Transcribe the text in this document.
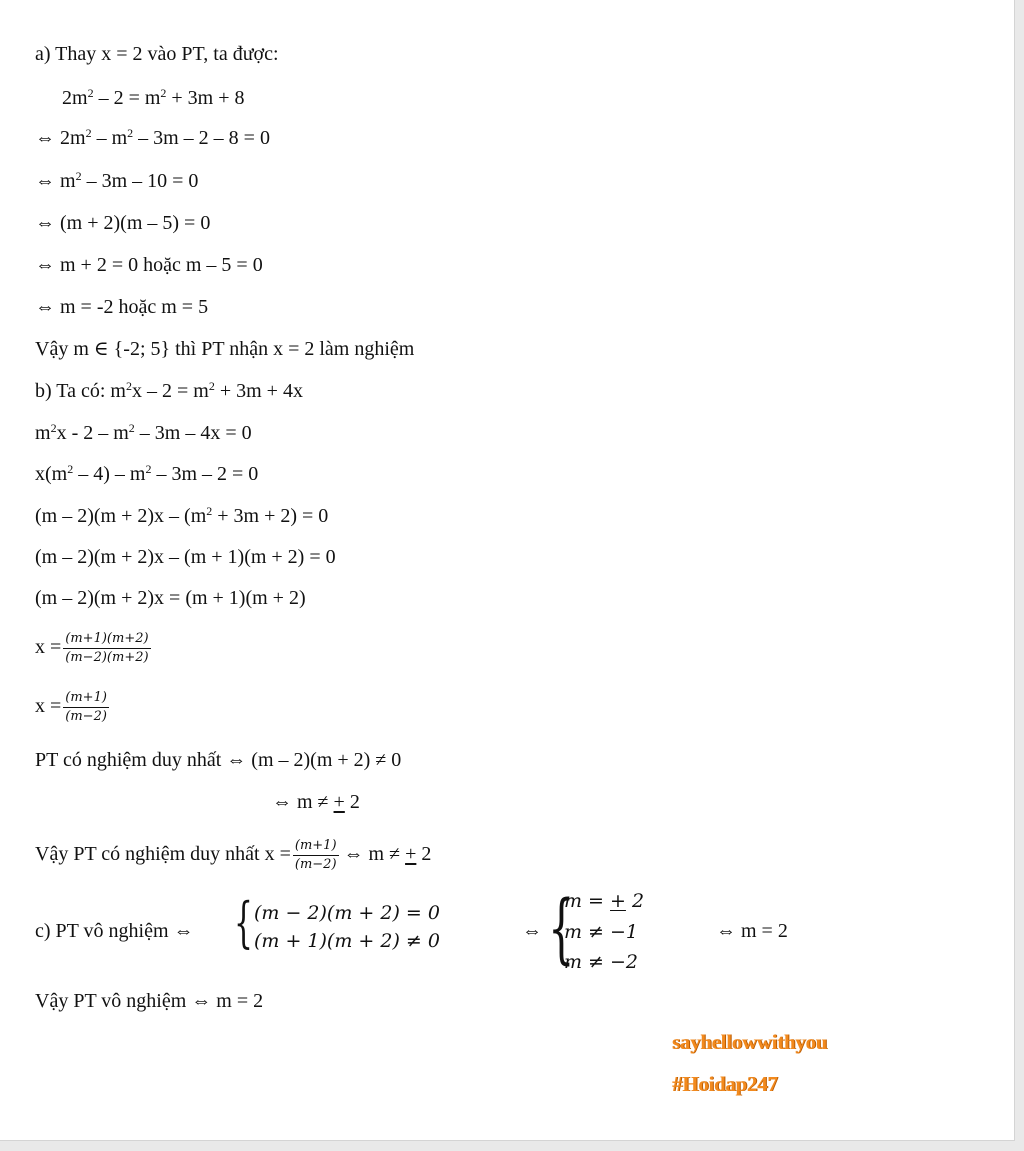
a) Thay x = 2 vào PT, ta được:
$2m^2 - 2 = m^2 + 3m + 8$
⇔ $2m^2 - m^2 - 3m - 2 - 8 = 0$
⇔ $m^2 - 3m - 10 = 0$
⇔ (m + 2)(m – 5) = 0
⇔ m + 2 = 0 hoặc m – 5 = 0
⇔ m = -2 hoặc m = 5
Vậy m ∈ {-2; 5} thì PT nhận x = 2 làm nghiệm
b) Ta có: $m^2x - 2 = m^2 + 3m + 4x$
$m^2x - 2 - m^2 - 3m - 4x = 0$
$x(m^2 - 4) - m^2 - 3m - 2 = 0$
$(m - 2)(m + 2)x - (m^2 + 3m + 2) = 0$
(m – 2)(m + 2)x – (m + 1)(m + 2) = 0
(m – 2)(m + 2)x = (m + 1)(m + 2)
$x = \frac{(m+1)(m+2)}{(m-2)(m+2)}$
$x = \frac{(m+1)}{(m-2)}$
PT có nghiệm duy nhất ⇔ (m – 2)(m + 2) ≠ 0
⇔ m ≠ + 2
Vậy PT có nghiệm duy nhất $x = \frac{(m+1)}{(m-2)}$ ⇔ m ≠ + 2
c) PT vô nghiệm ⇔ { (m − 2)(m + 2) = 0
(m + 1)(m + 2) ≠ 0	⇔ {
m = + 2
m ≠ −1
m ≠ −2
⇔ m = 2
Vậy PT vô nghiệm ⇔ m = 2
sayhellowwithyou
#Hoidap247
